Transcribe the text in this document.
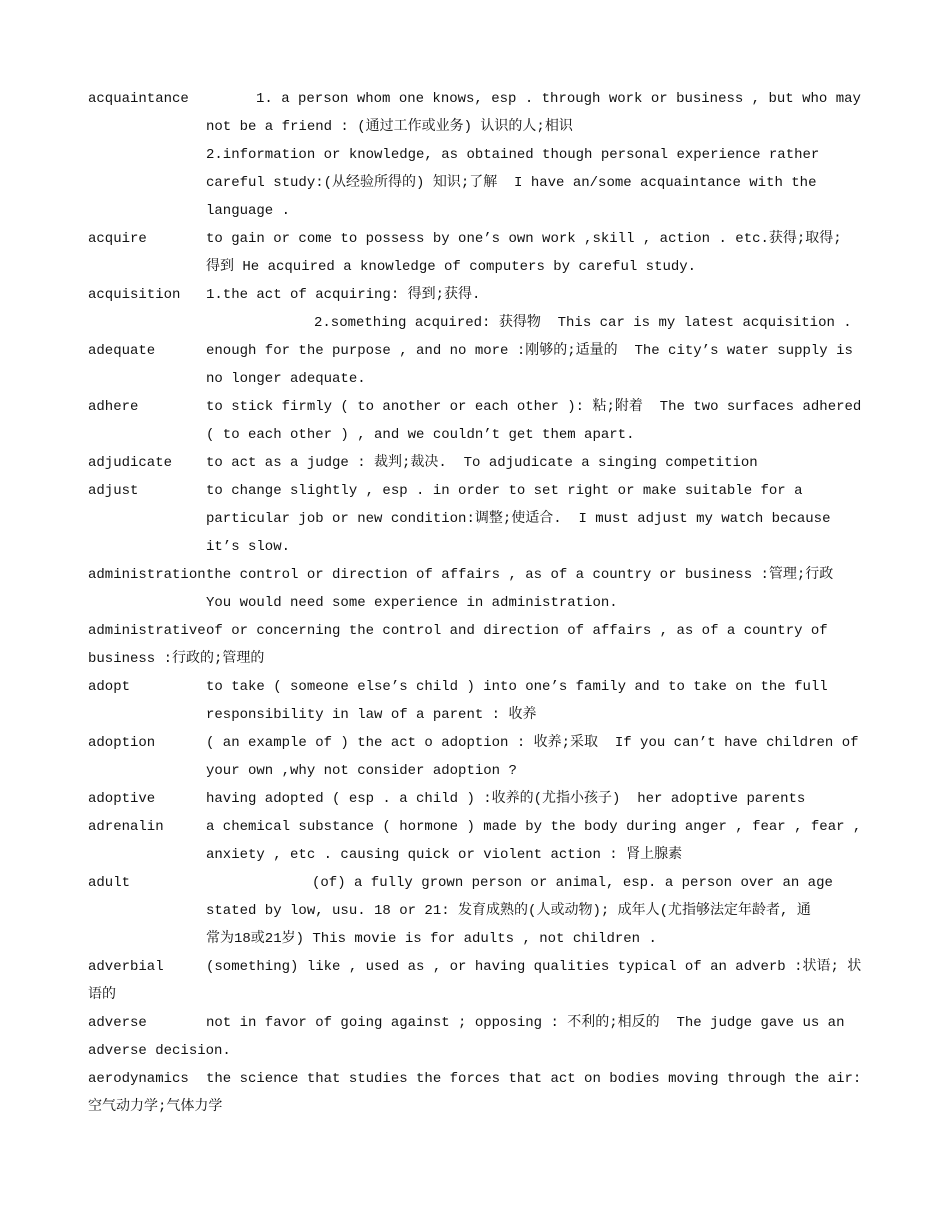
acquaintance	1. a person whom one knows, esp . through work or business , but who may
not be a friend : (通过工作或业务) 认识的人;相识
2.information or knowledge, as obtained though personal experience rather
careful study:(从经验所得的) 知识;了解  I have an/some acquaintance with the
language .
acquire	to gain or come to possess by one’s own work ,skill , action . etc.获得;取得;
得到 He acquired a knowledge of computers by careful study.
acquisition 1.the act of acquiring: 得到;获得.
2.something acquired: 获得物  This car is my latest acquisition .
adequate	enough for the purpose , and no more :刚够的;适量的  The city’s water supply is
no longer adequate.
adhere	to stick firmly ( to another or each other ): 粘;附着  The two surfaces adhered
( to each other ) , and we couldn’t get them apart.
adjudicate to act as a judge : 裁判;裁决.  To adjudicate a singing competition
adjust	to change slightly , esp . in order to set right or make suitable for a
particular job or new condition:调整;使适合.  I must adjust my watch because
it’s slow.
administration the control or direction of affairs , as of a country or business :管理;行政
You would need some experience in administration.
administrative of or concerning the control and direction of affairs , as of a country of
business :行政的;管理的
adopt	to take ( someone else’s child ) into one’s family and to take on the full
responsibility in law of a parent : 收养
adoption	( an example of ) the act o adoption : 收养;采取  If you can’t have children of
your own ,why not consider adoption ?
adoptive	having adopted ( esp . a child ) :收养的(尤指小孩子)  her adoptive parents
adrenalin	a chemical substance ( hormone ) made by the body during anger , fear , fear ,
anxiety , etc . causing quick or violent action : 肾上腺素
adult	(of) a fully grown person or animal, esp. a person over an age
stated by low, usu. 18 or 21: 发育成熟的(人或动物); 成年人(尤指够法定年龄者, 通
常为18或21岁) This movie is for adults , not children .
adverbial	(something) like , used as , or having qualities typical of an adverb :状语; 状
语的
adverse	not in favor of going against ; opposing : 不利的;相反的  The judge gave us an
adverse decision.
aerodynamics the science that studies the forces that act on bodies moving through the air:
空气动力学;气体力学
